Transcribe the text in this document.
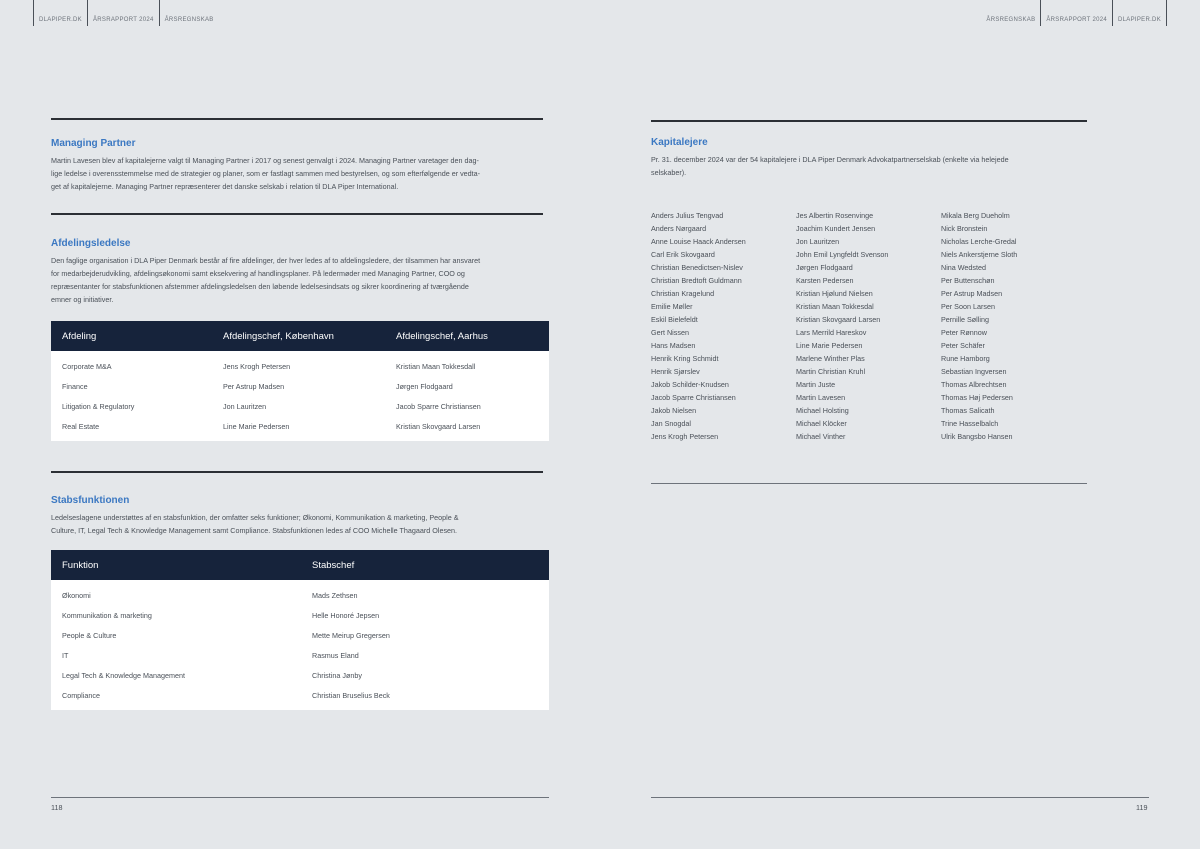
DLAPIPER.DK	ÅRSRAPPORT 2024	ÅRSREGNSKAB	ÅRSREGNSKAB	ÅRSRAPPORT 2024	DLAPIPER.DK
Managing Partner
Martin Lavesen blev af kapitalejerne valgt til Managing Partner i 2017 og senest genvalgt i 2024. Managing Partner varetager den dag-
lige ledelse i overensstemmelse med de strategier og planer, som er fastlagt sammen med bestyrelsen, og som efterfølgende er vedta-
get af kapitalejerne. Managing Partner repræsenterer det danske selskab i relation til DLA Piper International.
Afdelingsledelse
Den faglige organisation i DLA Piper Denmark består af fire afdelinger, der hver ledes af to afdelingsledere, der tilsammen har ansvaret
for medarbejderudvikling, afdelingsøkonomi samt eksekvering af handlingsplaner. På ledermøder med Managing Partner, COO og
repræsentanter for stabsfunktionen afstemmer afdelingsledelsen den løbende ledelsesindsats og sikrer koordinering af tværgående
emner og initiativer.
Afdeling	Afdelingschef, København	Afdelingschef, Aarhus
Corporate M&A	Jens Krogh Petersen	Kristian Maan Tokkesdall
Finance	Per Astrup Madsen	Jørgen Flodgaard
Litigation & Regulatory	Jon Lauritzen	Jacob Sparre Christiansen
Real Estate	Line Marie Pedersen	Kristian Skovgaard Larsen
Stabsfunktionen
Ledelseslagene understøttes af en stabsfunktion, der omfatter seks funktioner; Økonomi, Kommunikation & marketing, People &
Culture, IT, Legal Tech & Knowledge Management samt Compliance. Stabsfunktionen ledes af COO Michelle Thagaard Olesen.
Funktion	Stabschef
Økonomi	Mads Zethsen
Kommunikation & marketing	Helle Honoré Jepsen
People & Culture	Mette Meirup Gregersen
IT	Rasmus Eland
Legal Tech & Knowledge Management	Christina Jønby
Compliance	Christian Bruselius Beck
118
Kapitalejere
Pr. 31. december 2024 var der 54 kapitalejere i DLA Piper Denmark Advokatpartnerselskab (enkelte via helejede
selskaber).
Anders Julius Tengvad
Anders Nørgaard
Anne Louise Haack Andersen
Carl Erik Skovgaard
Christian Benedictsen-Nislev
Christian Bredtoft Guldmann
Christian Kragelund
Emilie Møller
Eskil Bielefeldt
Gert Nissen
Hans Madsen
Henrik Kring Schmidt
Henrik Sjørslev
Jakob Schilder-Knudsen
Jacob Sparre Christiansen
Jakob Nielsen
Jan Snogdal
Jens Krogh Petersen
Jes Albertin Rosenvinge
Joachim Kundert Jensen
Jon Lauritzen
John Emil Lyngfeldt Svenson
Jørgen Flodgaard
Karsten Pedersen
Kristian Hjølund Nielsen
Kristian Maan Tokkesdal
Kristian Skovgaard Larsen
Lars Merrild Hareskov
Line Marie Pedersen
Marlene Winther Plas
Martin Christian Kruhl
Martin Juste
Martin Lavesen
Michael Holsting
Michael Klöcker
Michael Vinther
Mikala Berg Dueholm
Nick Bronstein
Nicholas Lerche-Gredal
Niels Ankerstjerne Sloth
Nina Wedsted
Per Buttenschøn
Per Astrup Madsen
Per Soon Larsen
Pernille Sølling
Peter Rønnow
Peter Schäfer
Rune Hamborg
Sebastian Ingversen
Thomas Albrechtsen
Thomas Høj Pedersen
Thomas Salicath
Trine Hasselbalch
Ulrik Bangsbo Hansen
119
